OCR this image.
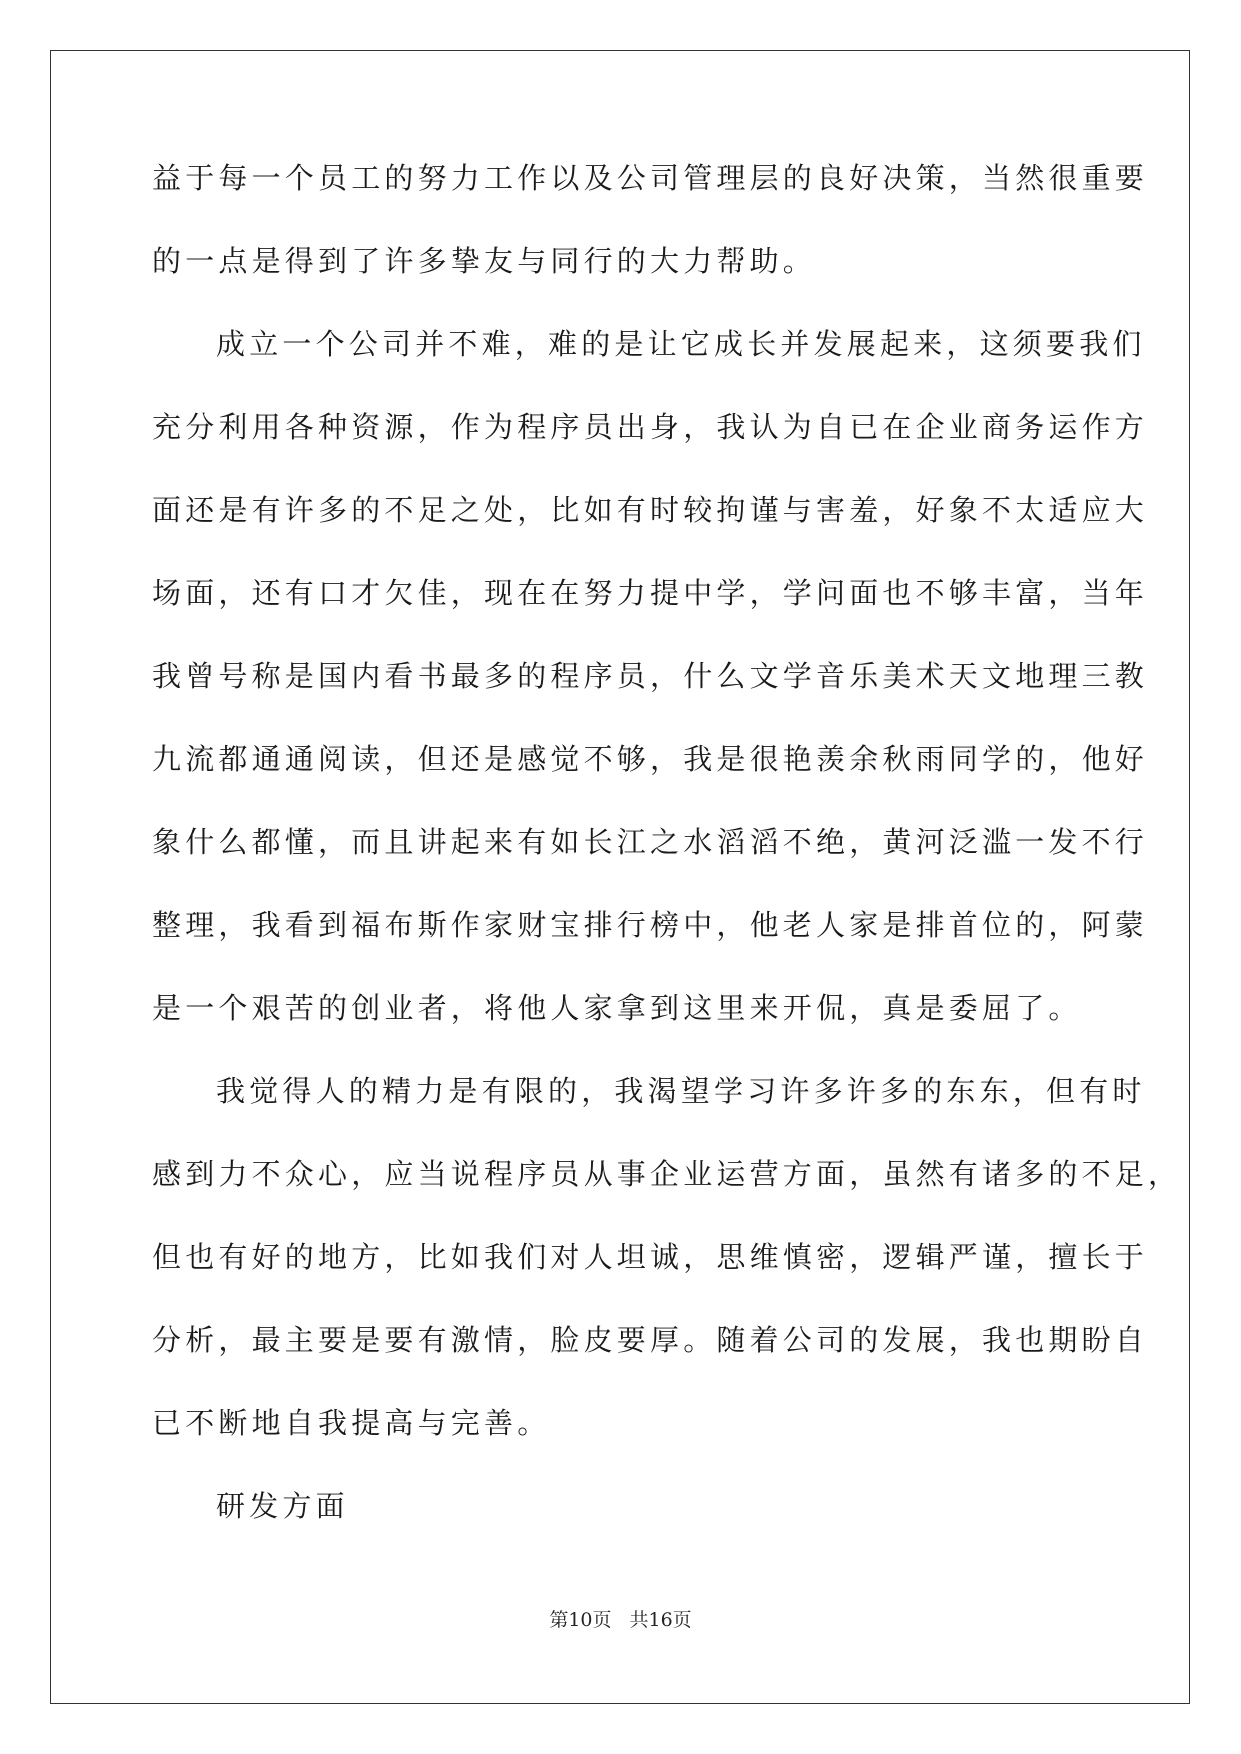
益于每一个员工的努力工作以及公司管理层的良好决策，当然很重要
的一点是得到了许多挚友与同行的大力帮助。
成立一个公司并不难，难的是让它成长并发展起来，这须要我们
充分利用各种资源，作为程序员出身，我认为自已在企业商务运作方
面还是有许多的不足之处，比如有时较拘谨与害羞，好象不太适应大
场面，还有口才欠佳，现在在努力提中学，学问面也不够丰富，当年
我曾号称是国内看书最多的程序员，什么文学音乐美术天文地理三教
九流都通通阅读，但还是感觉不够，我是很艳羡余秋雨同学的，他好
象什么都懂，而且讲起来有如长江之水滔滔不绝，黄河泛滥一发不行
整理，我看到福布斯作家财宝排行榜中，他老人家是排首位的，阿蒙
是一个艰苦的创业者，将他人家拿到这里来开侃，真是委屈了。
我觉得人的精力是有限的，我渴望学习许多许多的东东，但有时
感到力不众心，应当说程序员从事企业运营方面，虽然有诸多的不足，
但也有好的地方，比如我们对人坦诚，思维慎密，逻辑严谨，擅长于
分析，最主要是要有激情，脸皮要厚。随着公司的发展，我也期盼自
已不断地自我提高与完善。
研发方面
第10页 共16页
